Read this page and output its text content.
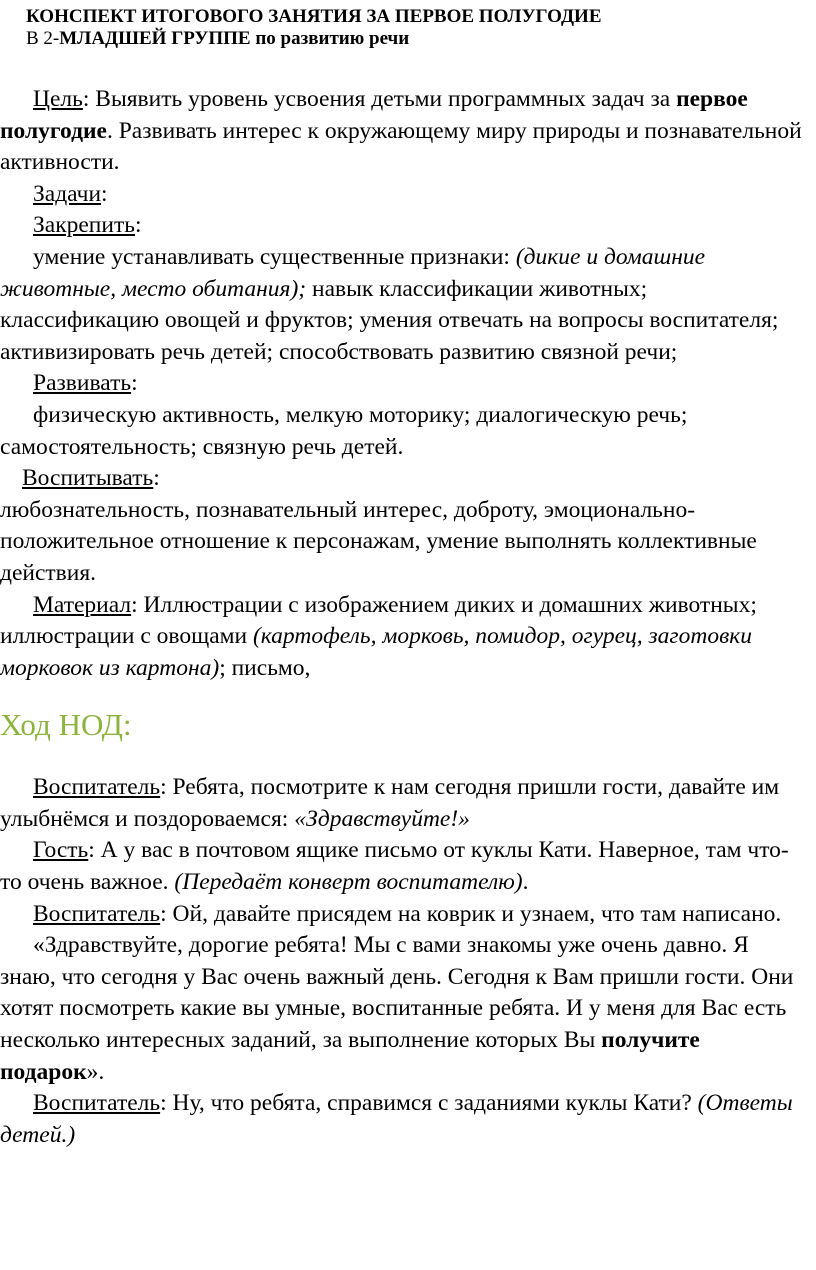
КОНСПЕКТ ИТОГОВОГО ЗАНЯТИЯ ЗА ПЕРВОЕ ПОЛУГОДИЕ
В 2-МЛАДШЕЙ ГРУППЕ по развитию речи

Цель: Выявить уровень усвоения детьми программных задач за первое полугодие. Развивать интерес к окружающему миру природы и познавательной активности.

Задачи:

Закрепить:

умение устанавливать существенные признаки: (дикие и домашние животные, место обитания); навык классификации животных; классификацию овощей и фруктов; умения отвечать на вопросы воспитателя; активизировать речь детей; способствовать развитию связной речи;

Развивать:

физическую активность, мелкую моторику; диалогическую речь; самостоятельность; связную речь детей.

Воспитывать:

любознательность, познавательный интерес, доброту, эмоционально-положительное отношение к персонажам, умение выполнять коллективные действия.

Материал: Иллюстрации с изображением диких и домашних животных; иллюстрации с овощами (картофель, морковь, помидор, огурец, заготовки морковок из картона); письмо,

Ход НОД:

Воспитатель: Ребята, посмотрите к нам сегодня пришли гости, давайте им улыбнёмся и поздороваемся: «Здравствуйте!»

Гость: А у вас в почтовом ящике письмо от куклы Кати. Наверное, там что-то очень важное. (Передаёт конверт воспитателю).

Воспитатель: Ой, давайте присядем на коврик и узнаем, что там написано.

«Здравствуйте, дорогие ребята! Мы с вами знакомы уже очень давно. Я знаю, что сегодня у Вас очень важный день. Сегодня к Вам пришли гости. Они хотят посмотреть какие вы умные, воспитанные ребята. И у меня для Вас есть несколько интересных заданий, за выполнение которых Вы получите подарок».

Воспитатель: Ну, что ребята, справимся с заданиями куклы Кати? (Ответы детей.)
